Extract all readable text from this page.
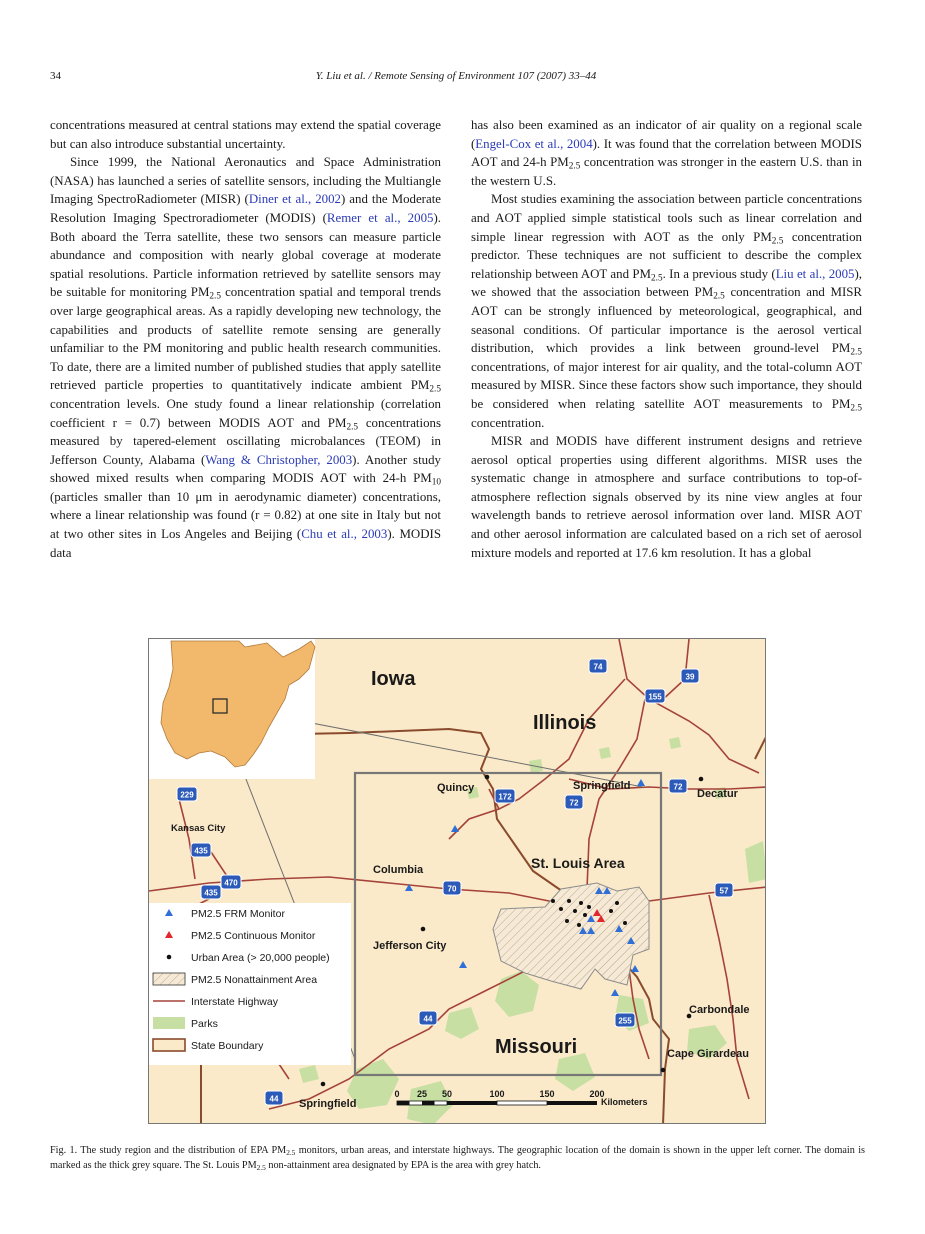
34	Y. Liu et al. / Remote Sensing of Environment 107 (2007) 33–44

concentrations measured at central stations may extend the spatial coverage but can also introduce substantial uncertainty.

Since 1999, the National Aeronautics and Space Administration (NASA) has launched a series of satellite sensors, including the Multiangle Imaging SpectroRadiometer (MISR) (Diner et al., 2002) and the Moderate Resolution Imaging Spectroradiometer (MODIS) (Remer et al., 2005). Both aboard the Terra satellite, these two sensors can measure particle abundance and composition with nearly global coverage at moderate spatial resolutions. Particle information retrieved by satellite sensors may be suitable for monitoring $PM_{2.5}$ concentration spatial and temporal trends over large geographical areas. As a rapidly developing new technology, the capabilities and products of satellite remote sensing are generally unfamiliar to the PM monitoring and public health research communities. To date, there are a limited number of published studies that apply satellite retrieved particle properties to quantitatively indicate ambient $PM_{2.5}$ concentration levels. One study found a linear relationship (correlation coefficient r = 0.7) between MODIS AOT and $PM_{2.5}$ concentrations measured by tapered-element oscillating microbalances (TEOM) in Jefferson County, Alabama (Wang & Christopher, 2003). Another study showed mixed results when comparing MODIS AOT with 24-h $PM_{10}$ (particles smaller than 10 μm in aerodynamic diameter) concentrations, where a linear relationship was found (r = 0.82) at one site in Italy but not at two other sites in Los Angeles and Beijing (Chu et al., 2003). MODIS data

has also been examined as an indicator of air quality on a regional scale (Engel-Cox et al., 2004). It was found that the correlation between MODIS AOT and 24-h $PM_{2.5}$ concentration was stronger in the eastern U.S. than in the western U.S.

Most studies examining the association between particle concentrations and AOT applied simple statistical tools such as linear correlation and simple linear regression with AOT as the only $PM_{2.5}$ concentration predictor. These techniques are not sufficient to describe the complex relationship between AOT and $PM_{2.5}$. In a previous study (Liu et al., 2005), we showed that the association between $PM_{2.5}$ concentration and MISR AOT can be strongly influenced by meteorological, geographical, and seasonal conditions. Of particular importance is the aerosol vertical distribution, which provides a link between ground-level $PM_{2.5}$ concentrations, of major interest for air quality, and the total-column AOT measured by MISR. Since these factors show such importance, they should be considered when relating satellite AOT measurements to $PM_{2.5}$ concentration.

MISR and MODIS have different instrument designs and retrieve aerosol optical properties using different algorithms. MISR uses the systematic change in atmosphere and surface contributions to top-of-atmosphere reflection signals observed by its nine view angles at four wavelength bands to retrieve aerosol information over land. MISR AOT and other aerosol information are calculated based on a rich set of aerosol mixture models and reported at 17.6 km resolution. It has a global

74
39
155
229	172
72
72
435
435
470
70	57
44	255
44
Iowa
Illinois
Missouri
St. Louis Area
Quincy	Springfield
Decatur
Kansas City
Columbia
Jefferson City
Carbondale
Cape Girardeau
Springfield
PM2.5 FRM Monitor
PM2.5 Continuous Monitor
Urban Area (> 20,000 people)
PM2.5 Nonattainment Area
Interstate Highway
Parks
State Boundary
0 25 50	100	150	200
Kilometers
Fig. 1. The study region and the distribution of EPA $PM_{2.5}$ monitors, urban areas, and interstate highways. The geographic location of the domain is shown in the upper left corner. The domain is marked as the thick grey square. The St. Louis $PM_{2.5}$ non-attainment area designated by EPA is the area with grey hatch.
